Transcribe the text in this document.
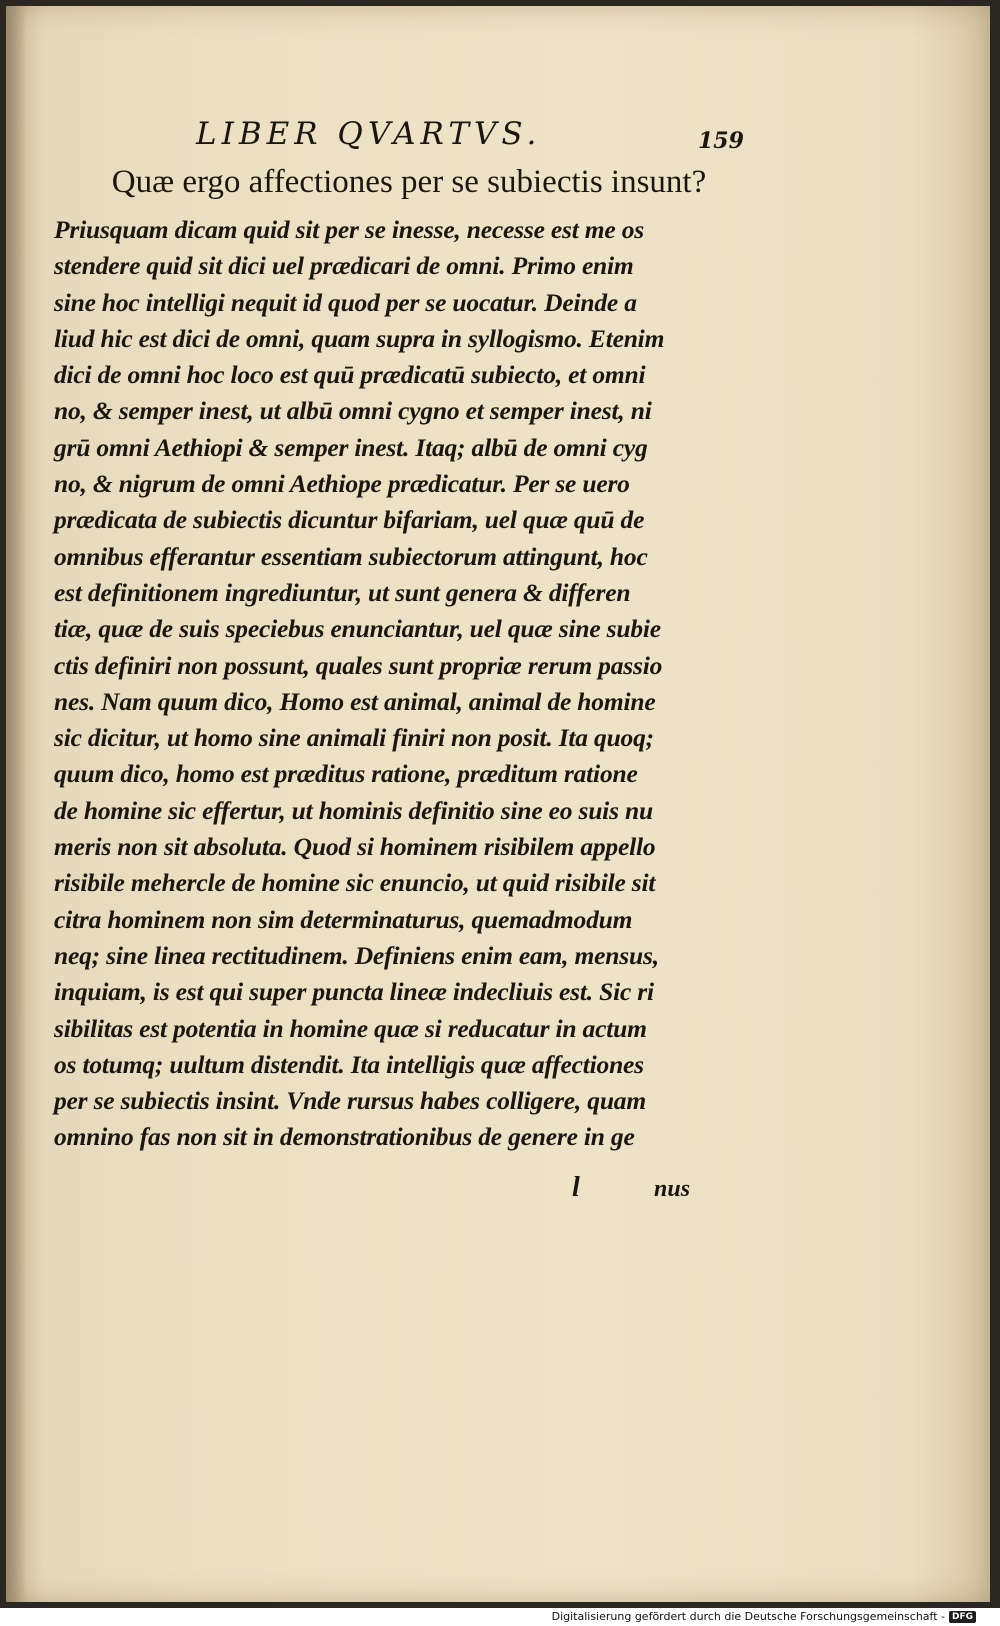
LIBER QVARTVS.	159
Quæ ergo affectiones per se subiectis insunt?
Priusquam dicam quid sit per se inesse, necesse est me os
stendere quid sit dici uel prædicari de omni. Primo enim
sine hoc intelligi nequit id quod per se uocatur. Deinde a
liud hic est dici de omni, quam supra in syllogismo. Etenim
dici de omni hoc loco est quū prædicatū subiecto, et omni
no, & semper inest, ut albū omni cygno et semper inest, ni
grū omni Aethiopi & semper inest. Itaq; albū de omni cyg
no, & nigrum de omni Aethiope prædicatur. Per se uero
prædicata de subiectis dicuntur bifariam, uel quæ quū de
omnibus efferantur essentiam subiectorum attingunt, hoc
est definitionem ingrediuntur, ut sunt genera & differen
tiæ, quæ de suis speciebus enunciantur, uel quæ sine subie
ctis definiri non possunt, quales sunt propriæ rerum passio
nes. Nam quum dico, Homo est animal, animal de homine
sic dicitur, ut homo sine animali finiri non posit. Ita quoq;
quum dico, homo est præditus ratione, præditum ratione
de homine sic effertur, ut hominis definitio sine eo suis nu
meris non sit absoluta. Quod si hominem risibilem appello
risibile mehercle de homine sic enuncio, ut quid risibile sit
citra hominem non sim determinaturus, quemadmodum
neq; sine linea rectitudinem. Definiens enim eam, mensus,
inquiam, is est qui super puncta lineæ indecliuis est. Sic ri
sibilitas est potentia in homine quæ si reducatur in actum
os totumq; uultum distendit. Ita intelligis quæ affectiones
per se subiectis insint. Vnde rursus habes colligere, quam
omnino fas non sit in demonstrationibus de genere in ge
l	nus
Digitalisierung gefördert durch die Deutsche Forschungsgemeinschaft - DFG
